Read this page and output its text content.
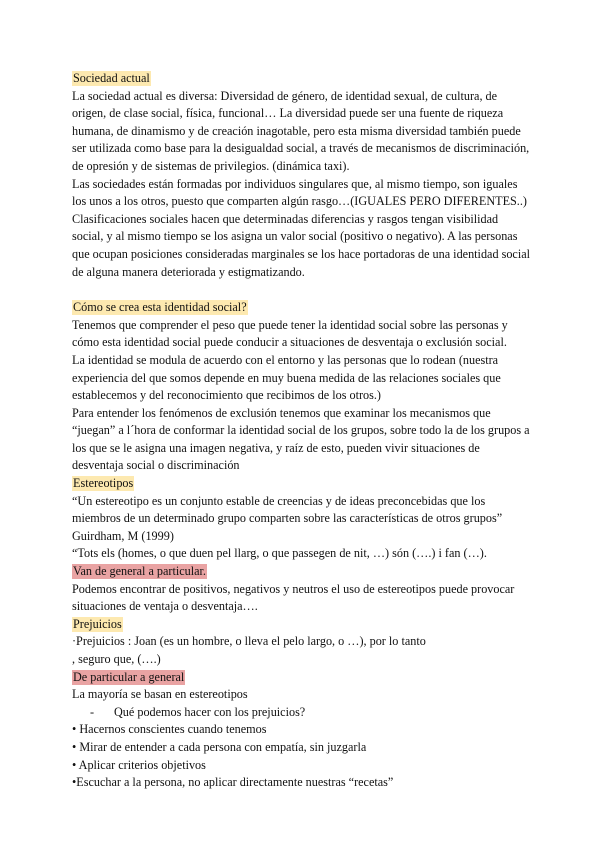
Sociedad actual

La sociedad actual es diversa: Diversidad de género, de identidad sexual, de cultura, de

origen, de clase social, física, funcional… La diversidad puede ser una fuente de riqueza

humana, de dinamismo y de creación inagotable, pero esta misma diversidad también puede

ser utilizada como base para la desigualdad social, a través de mecanismos de discriminación,

de opresión y de sistemas de privilegios. (dinámica taxi).

Las sociedades están formadas por individuos singulares que, al mismo tiempo, son iguales

los unos a los otros, puesto que comparten algún rasgo…(IGUALES PERO DIFERENTES..)

Clasificaciones sociales hacen que determinadas diferencias y rasgos tengan visibilidad

social, y al mismo tiempo se los asigna un valor social (positivo o negativo). A las personas

que ocupan posiciones consideradas marginales se los hace portadoras de una identidad social

de alguna manera deteriorada y estigmatizando.

Cómo se crea esta identidad social?

Tenemos que comprender el peso que puede tener la identidad social sobre las personas y

cómo esta identidad social puede conducir a situaciones de desventaja o exclusión social.

La identidad se modula de acuerdo con el entorno y las personas que lo rodean (nuestra

experiencia del que somos depende en muy buena medida de las relaciones sociales que

establecemos y del reconocimiento que recibimos de los otros.)

Para entender los fenómenos de exclusión tenemos que examinar los mecanismos que

“juegan” a l´hora de conformar la identidad social de los grupos, sobre todo la de los grupos a

los que se le asigna una imagen negativa, y raíz de esto, pueden vivir situaciones de

desventaja social o discriminación

Estereotipos

“Un estereotipo es un conjunto estable de creencias y de ideas preconcebidas que los

miembros de un determinado grupo comparten sobre las características de otros grupos”

Guirdham, M (1999)

“Tots els (homes, o que duen pel llarg, o que passegen de nit, …) són (….) i fan (…).

Van de general a particular.

Podemos encontrar de positivos, negativos y neutros el uso de estereotipos puede provocar

situaciones de ventaja o desventaja….

Prejuicios

·Prejuicios : Joan (es un hombre, o lleva el pelo largo, o …), por lo tanto

, seguro que, (….)

De particular a general

La mayoría se basan en estereotipos

- Qué podemos hacer con los prejuicios?

• Hacernos conscientes cuando tenemos

• Mirar de entender a cada persona con empatía, sin juzgarla

• Aplicar criterios objetivos

•Escuchar a la persona, no aplicar directamente nuestras “recetas”
